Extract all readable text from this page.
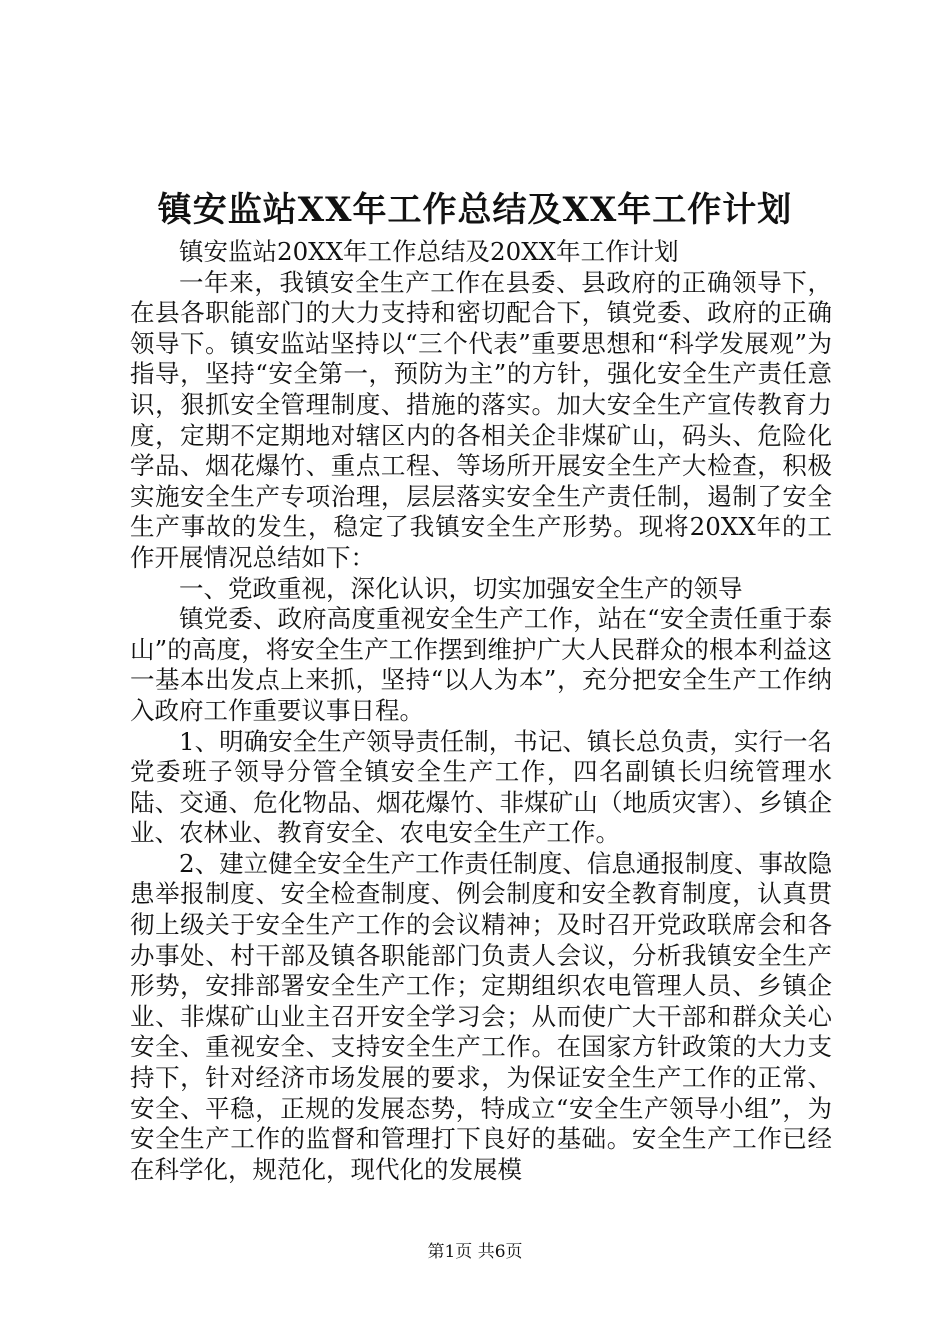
镇安监站XX年工作总结及XX年工作计划

镇安监站20XX年工作总结及20XX年工作计划

一年来，我镇安全生产工作在县委、县政府的正确领导下，在县各职能部门的大力支持和密切配合下，镇党委、政府的正确领导下。镇安监站坚持以“三个代表”重要思想和“科学发展观”为指导，坚持“安全第一，预防为主”的方针，强化安全生产责任意识，狠抓安全管理制度、措施的落实。加大安全生产宣传教育力度，定期不定期地对辖区内的各相关企非煤矿山，码头、危险化学品、烟花爆竹、重点工程、等场所开展安全生产大检查，积极实施安全生产专项治理，层层落实安全生产责任制，遏制了安全生产事故的发生，稳定了我镇安全生产形势。现将20XX年的工作开展情况总结如下：

一、党政重视，深化认识，切实加强安全生产的领导

镇党委、政府高度重视安全生产工作，站在“安全责任重于泰山”的高度，将安全生产工作摆到维护广大人民群众的根本利益这一基本出发点上来抓，坚持“以人为本”，充分把安全生产工作纳入政府工作重要议事日程。

1、明确安全生产领导责任制，书记、镇长总负责，实行一名党委班子领导分管全镇安全生产工作，四名副镇长归统管理水陆、交通、危化物品、烟花爆竹、非煤矿山（地质灾害）、乡镇企业、农林业、教育安全、农电安全生产工作。

2、建立健全安全生产工作责任制度、信息通报制度、事故隐患举报制度、安全检查制度、例会制度和安全教育制度，认真贯彻上级关于安全生产工作的会议精神；及时召开党政联席会和各办事处、村干部及镇各职能部门负责人会议，分析我镇安全生产形势，安排部署安全生产工作；定期组织农电管理人员、乡镇企业、非煤矿山业主召开安全学习会；从而使广大干部和群众关心安全、重视安全、支持安全生产工作。在国家方针政策的大力支持下，针对经济市场发展的要求，为保证安全生产工作的正常、安全、平稳，正规的发展态势，特成立“安全生产领导小组”，为安全生产工作的监督和管理打下良好的基础。安全生产工作已经在科学化，规范化，现代化的发展模

第1页 共6页
